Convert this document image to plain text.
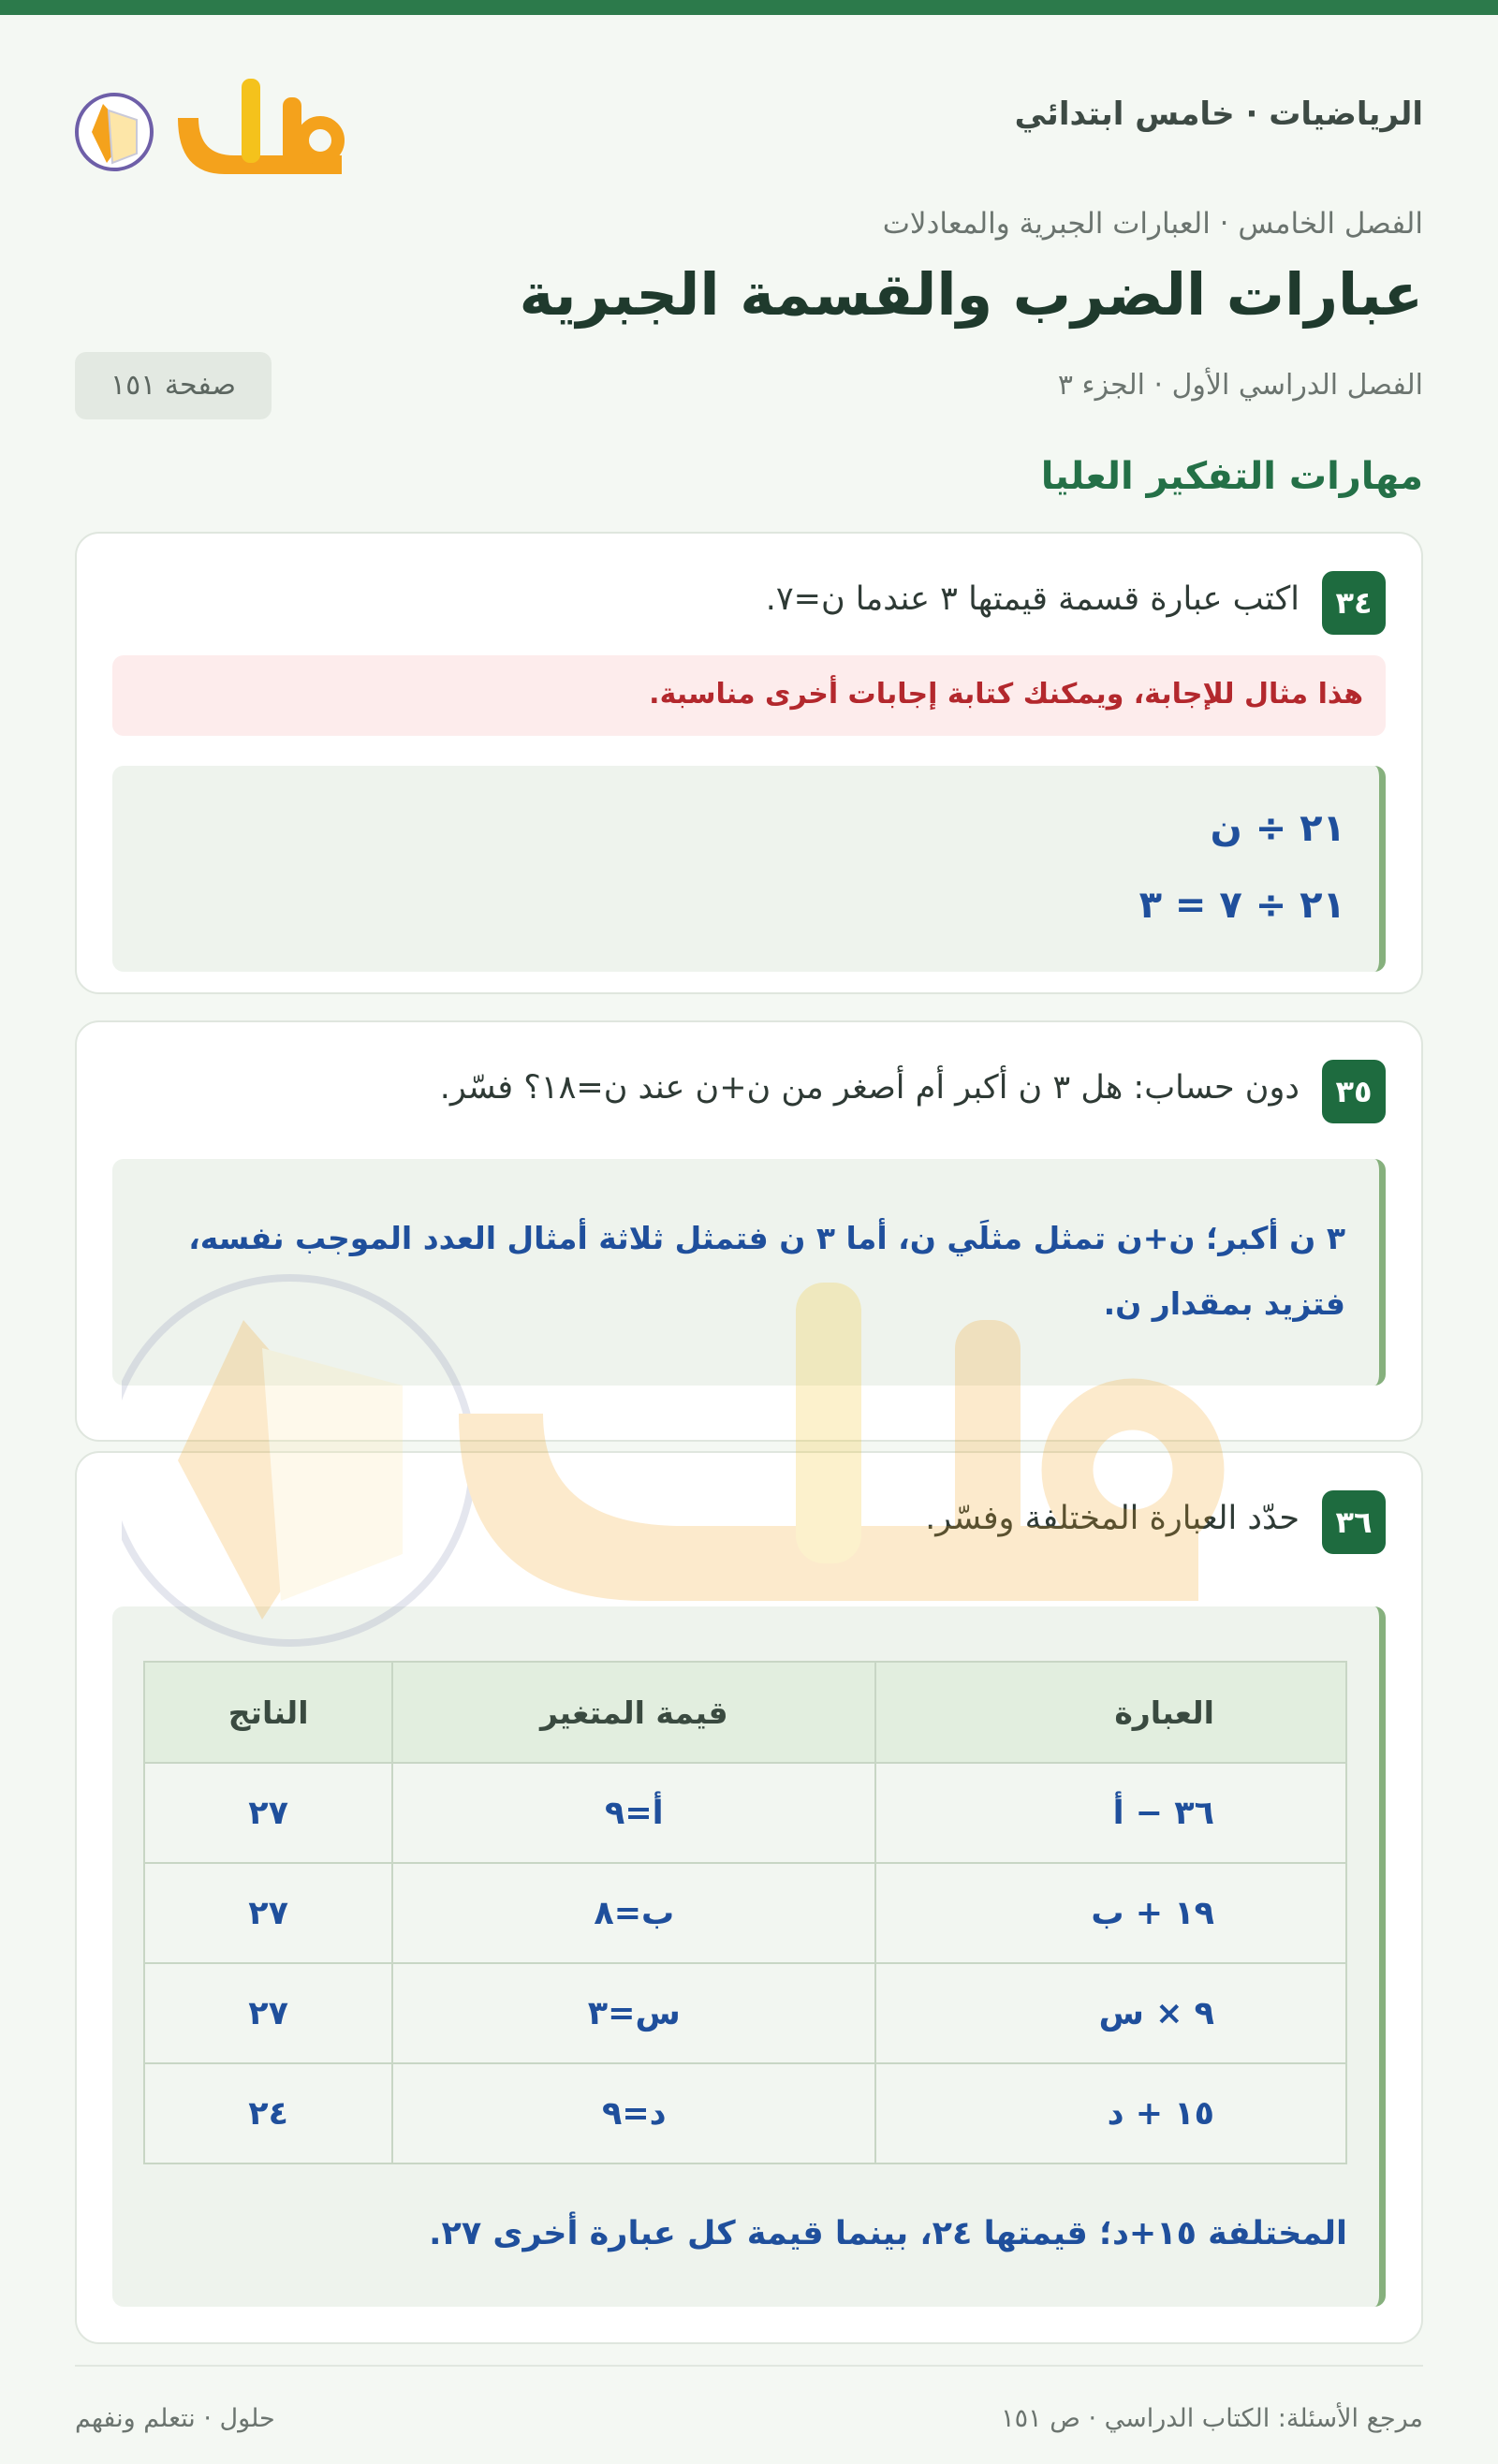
الرياضيات · خامس ابتدائي
الفصل الخامس · العبارات الجبرية والمعادلات
عبارات الضرب والقسمة الجبرية
الفصل الدراسي الأول · الجزء ٣
صفحة ١٥١
مهارات التفكير العليا
٣٤
اكتب عبارة قسمة قيمتها ٣ عندما ن=٧.
هذا مثال للإجابة، ويمكنك كتابة إجابات أخرى مناسبة.
٢١ ÷ ن
٢١ ÷ ٧ = ٣
٣٥
دون حساب: هل ٣ ن أكبر أم أصغر من ن+ن عند ن=١٨؟ فسّر.
٣ ن أكبر؛ ن+ن تمثل مثلَي ن، أما ٣ ن فتمثل ثلاثة أمثال العدد الموجب نفسه، فتزيد بمقدار ن.
٣٦
حدّد العبارة المختلفة وفسّر.
العبارة	قيمة المتغير	الناتج
٣٦ − أ	أ=٩	٢٧
١٩ + ب	ب=٨	٢٧
٩ × س	س=٣	٢٧
١٥ + د	د=٩	٢٤
المختلفة ١٥+د؛ قيمتها ٢٤، بينما قيمة كل عبارة أخرى ٢٧.
مرجع الأسئلة: الكتاب الدراسي · ص ١٥١
حلول · نتعلم ونفهم
